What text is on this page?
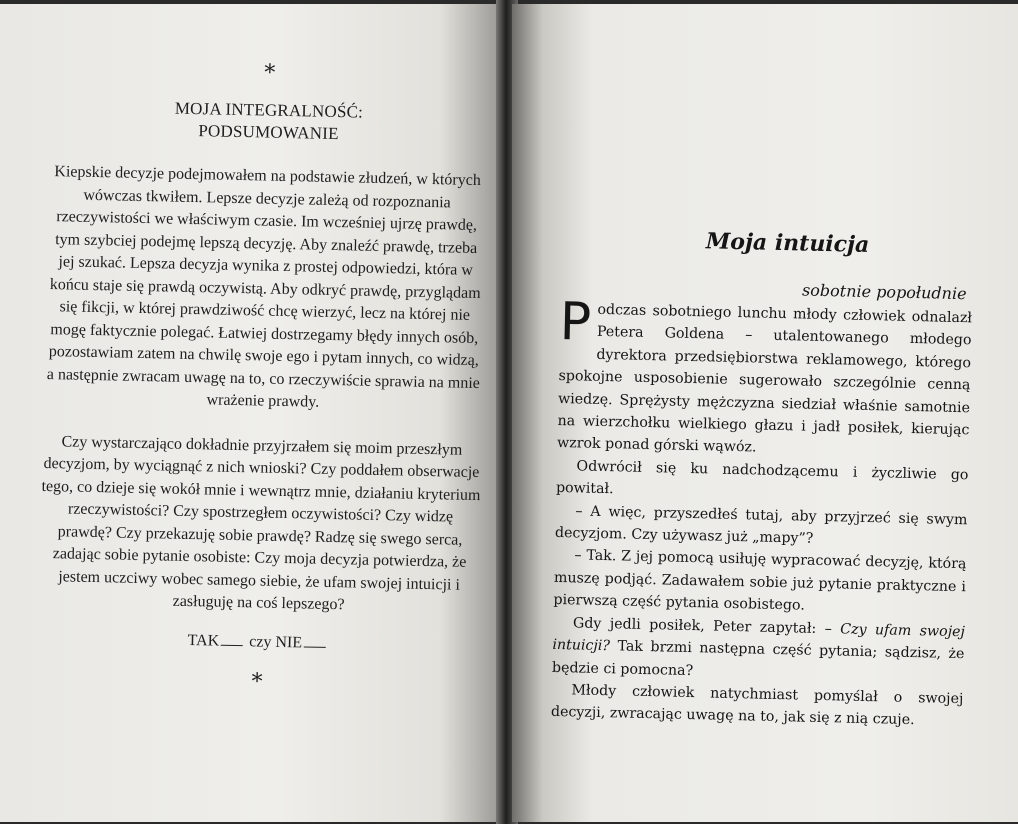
*
MOJA INTEGRALNOŚĆ:
PODSUMOWANIE
Kiepskie decyzje podejmowałem na podstawie złudzeń, w których wówczas tkwiłem. Lepsze decyzje zależą od rozpoznania rzeczywistości we właściwym czasie. Im wcześniej ujrzę prawdę, tym szybciej podejmę lepszą decyzję. Aby znaleźć prawdę, trzeba jej szukać. Lepsza decyzja wynika z prostej odpowiedzi, która w końcu staje się prawdą oczywistą. Aby odkryć prawdę, przyglądam się fikcji, w której prawdziwość chcę wierzyć, lecz na której nie mogę faktycznie polegać. Łatwiej dostrzegamy błędy innych osób, pozostawiam zatem na chwilę swoje ego i pytam innych, co widzą, a następnie zwracam uwagę na to, co rzeczywiście sprawia na mnie wrażenie prawdy.
Czy wystarczająco dokładnie przyjrzałem się moim przeszłym decyzjom, by wyciągnąć z nich wnioski? Czy poddałem obserwacje tego, co dzieje się wokół mnie i wewnątrz mnie, działaniu kryterium rzeczywistości? Czy spostrzegłem oczywistości? Czy widzę prawdę? Czy przekazuję sobie prawdę? Radzę się swego serca, zadając sobie pytanie osobiste: Czy moja decyzja potwierdza, że jestem uczciwy wobec samego siebie, że ufam swojej intuicji i zasługuję na coś lepszego?
TAK czy NIE
*
Moja intuicja
sobotnie popołudnie

Podczas sobotniego lunchu młody człowiek odnalazł Petera Goldena – utalentowanego młodego dyrektora przedsiębiorstwa reklamowego, którego spokojne usposobienie sugerowało szczególnie cenną wiedzę. Sprężysty mężczyzna siedział właśnie samotnie na wierzchołku wielkiego głazu i jadł posiłek, kierując wzrok ponad górski wąwóz.

Odwrócił się ku nadchodzącemu i życzliwie go powitał.

– A więc, przyszedłeś tutaj, aby przyjrzeć się swym decyzjom. Czy używasz już „mapy”?

– Tak. Z jej pomocą usiłuję wypracować decyzję, którą muszę podjąć. Zadawałem sobie już pytanie praktyczne i pierwszą część pytania osobistego.

Gdy jedli posiłek, Peter zapytał: – Czy ufam swojej intuicji? Tak brzmi następna część pytania; sądzisz, że będzie ci pomocna?

Młody człowiek natychmiast pomyślał o swojej decyzji, zwracając uwagę na to, jak się z nią czuje.
